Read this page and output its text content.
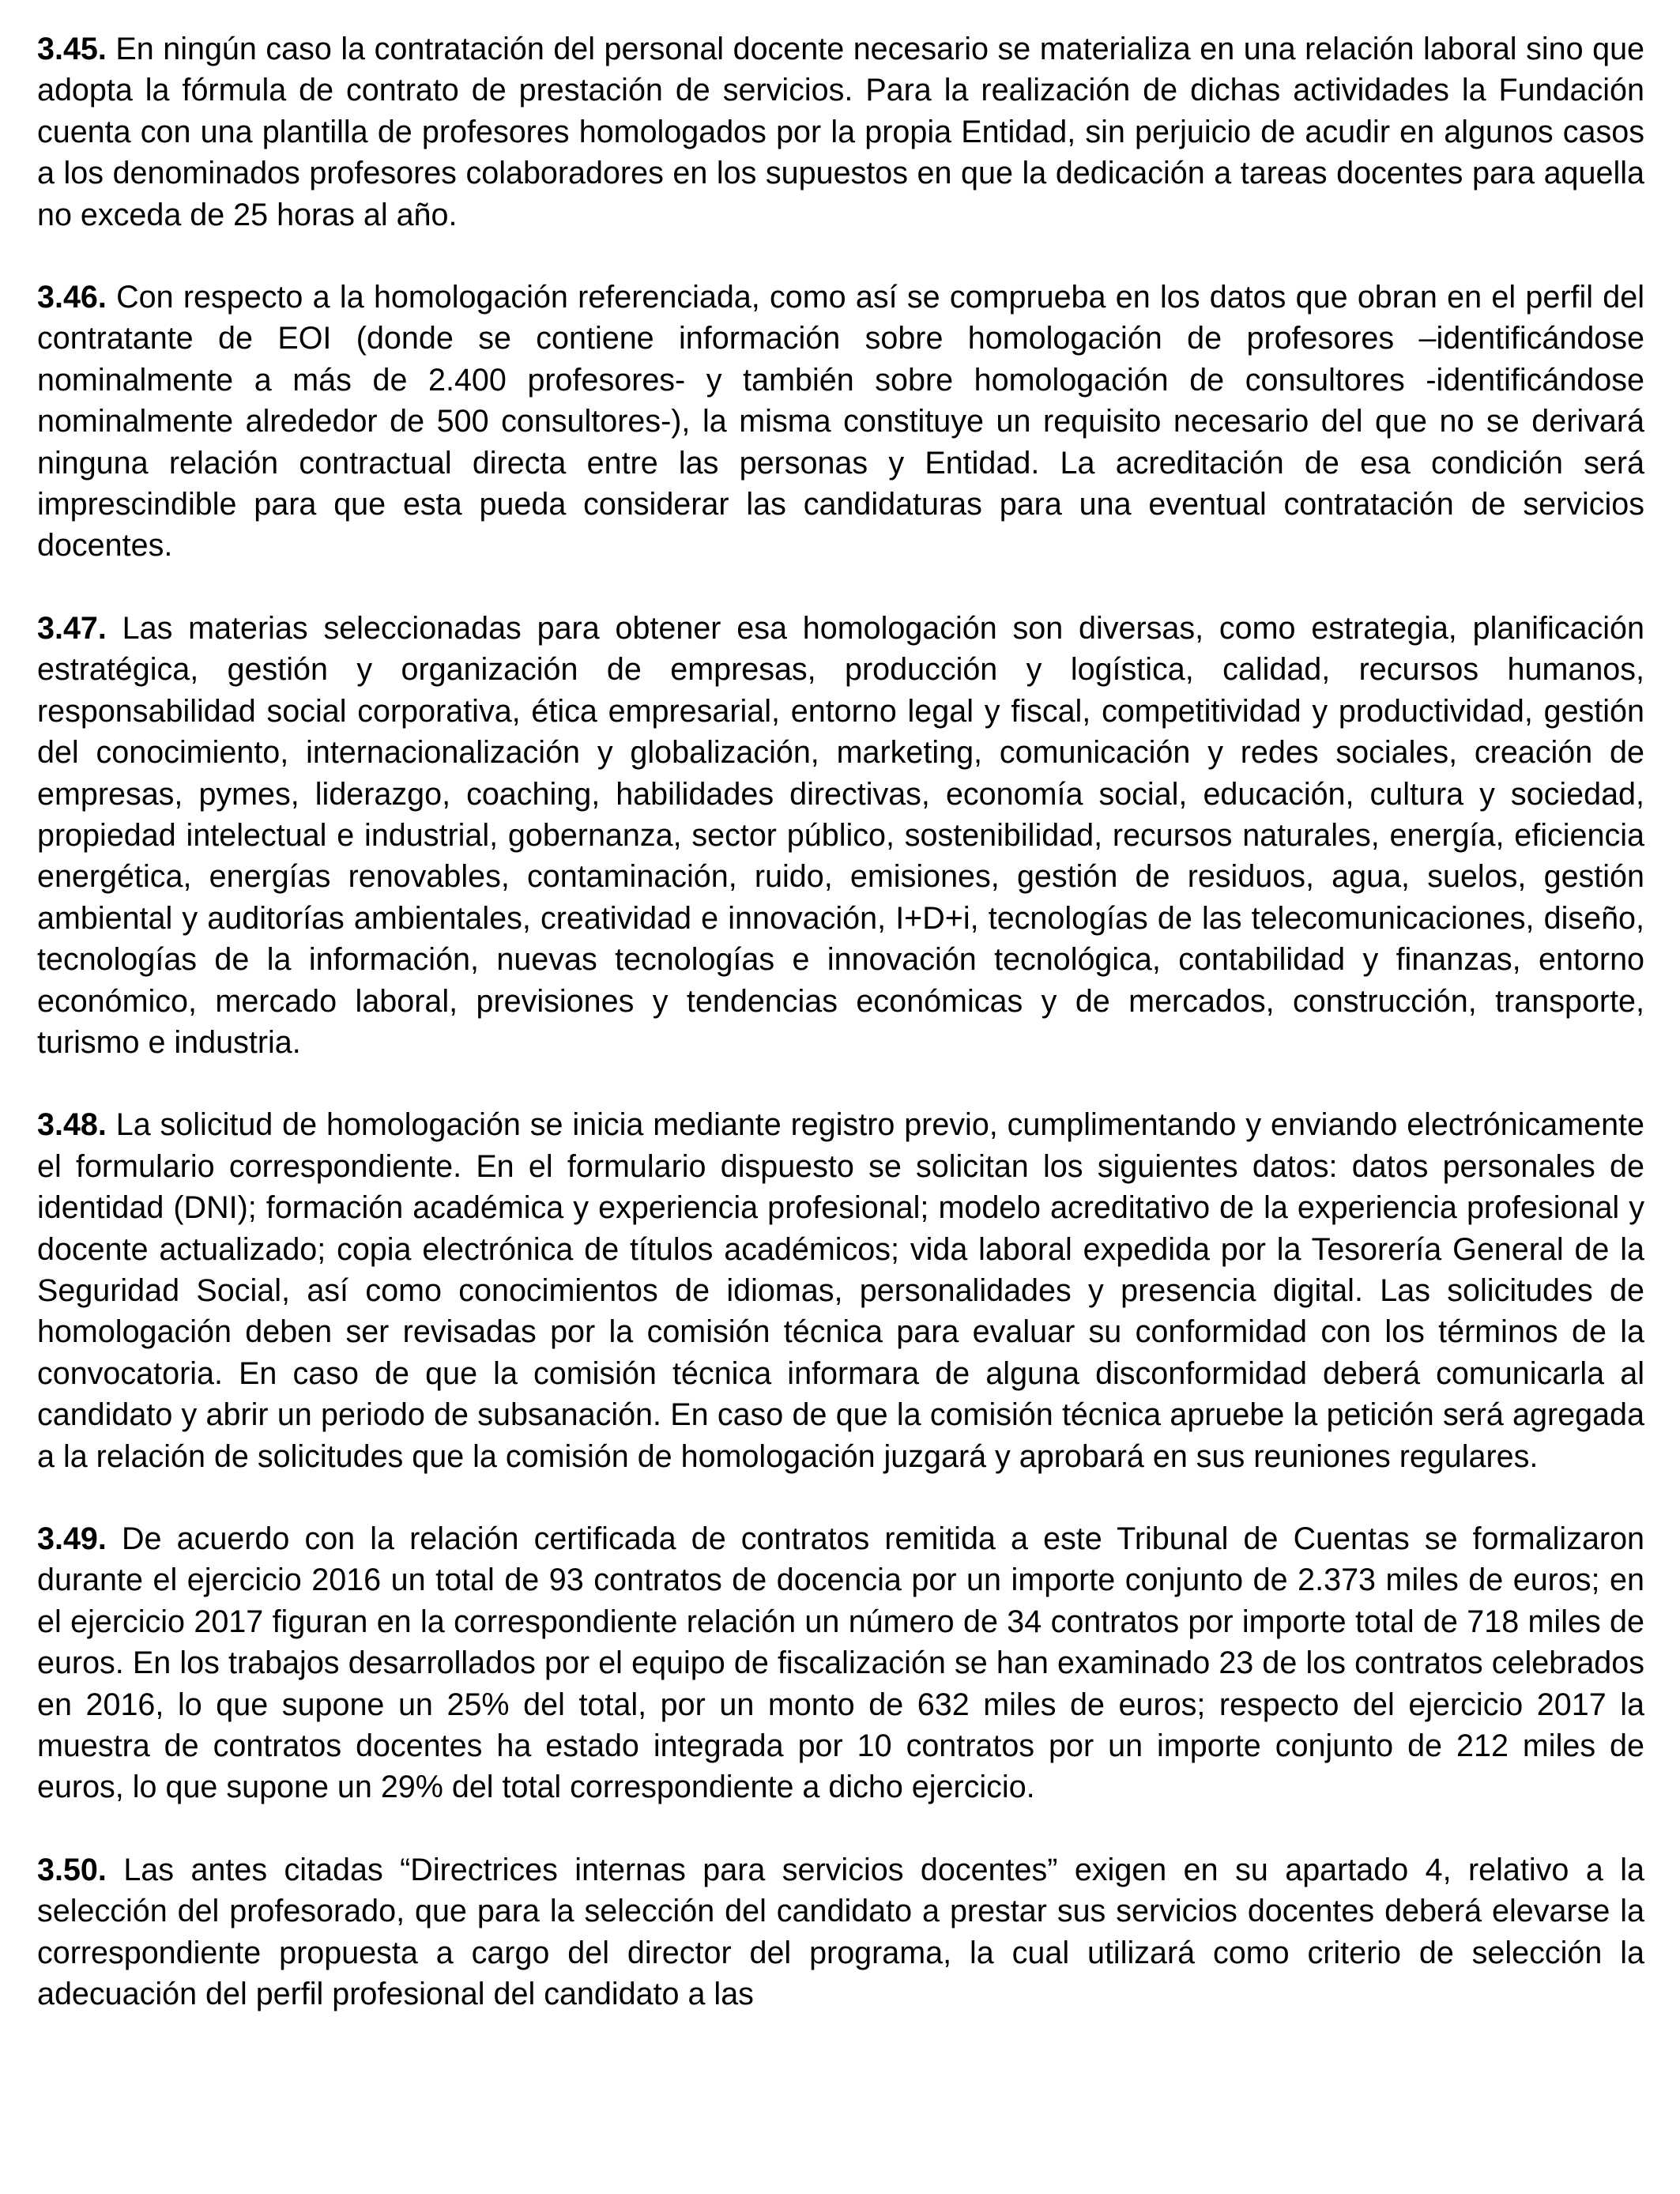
3.45. En ningún caso la contratación del personal docente necesario se materializa en una relación laboral sino que adopta la fórmula de contrato de prestación de servicios. Para la realización de dichas actividades la Fundación cuenta con una plantilla de profesores homologados por la propia Entidad, sin perjuicio de acudir en algunos casos a los denominados profesores colaboradores en los supuestos en que la dedicación a tareas docentes para aquella no exceda de 25 horas al año.

3.46. Con respecto a la homologación referenciada, como así se comprueba en los datos que obran en el perfil del contratante de EOI (donde se contiene información sobre homologación de profesores –identificándose nominalmente a más de 2.400 profesores- y también sobre homologación de consultores -identificándose nominalmente alrededor de 500 consultores-), la misma constituye un requisito necesario del que no se derivará ninguna relación contractual directa entre las personas y Entidad. La acreditación de esa condición será imprescindible para que esta pueda considerar las candidaturas para una eventual contratación de servicios docentes.

3.47. Las materias seleccionadas para obtener esa homologación son diversas, como estrategia, planificación estratégica, gestión y organización de empresas, producción y logística, calidad, recursos humanos, responsabilidad social corporativa, ética empresarial, entorno legal y fiscal, competitividad y productividad, gestión del conocimiento, internacionalización y globalización, marketing, comunicación y redes sociales, creación de empresas, pymes, liderazgo, coaching, habilidades directivas, economía social, educación, cultura y sociedad, propiedad intelectual e industrial, gobernanza, sector público, sostenibilidad, recursos naturales, energía, eficiencia energética, energías renovables, contaminación, ruido, emisiones, gestión de residuos, agua, suelos, gestión ambiental y auditorías ambientales, creatividad e innovación, I+D+i, tecnologías de las telecomunicaciones, diseño, tecnologías de la información, nuevas tecnologías e innovación tecnológica, contabilidad y finanzas, entorno económico, mercado laboral, previsiones y tendencias económicas y de mercados, construcción, transporte, turismo e industria.

3.48. La solicitud de homologación se inicia mediante registro previo, cumplimentando y enviando electrónicamente el formulario correspondiente. En el formulario dispuesto se solicitan los siguientes datos: datos personales de identidad (DNI); formación académica y experiencia profesional; modelo acreditativo de la experiencia profesional y docente actualizado; copia electrónica de títulos académicos; vida laboral expedida por la Tesorería General de la Seguridad Social, así como conocimientos de idiomas, personalidades y presencia digital. Las solicitudes de homologación deben ser revisadas por la comisión técnica para evaluar su conformidad con los términos de la convocatoria. En caso de que la comisión técnica informara de alguna disconformidad deberá comunicarla al candidato y abrir un periodo de subsanación. En caso de que la comisión técnica apruebe la petición será agregada a la relación de solicitudes que la comisión de homologación juzgará y aprobará en sus reuniones regulares.

3.49. De acuerdo con la relación certificada de contratos remitida a este Tribunal de Cuentas se formalizaron durante el ejercicio 2016 un total de 93 contratos de docencia por un importe conjunto de 2.373 miles de euros; en el ejercicio 2017 figuran en la correspondiente relación un número de 34 contratos por importe total de 718 miles de euros. En los trabajos desarrollados por el equipo de fiscalización se han examinado 23 de los contratos celebrados en 2016, lo que supone un 25% del total, por un monto de 632 miles de euros; respecto del ejercicio 2017 la muestra de contratos docentes ha estado integrada por 10 contratos por un importe conjunto de 212 miles de euros, lo que supone un 29% del total correspondiente a dicho ejercicio.

3.50. Las antes citadas “Directrices internas para servicios docentes” exigen en su apartado 4, relativo a la selección del profesorado, que para la selección del candidato a prestar sus servicios docentes deberá elevarse la correspondiente propuesta a cargo del director del programa, la cual utilizará como criterio de selección la adecuación del perfil profesional del candidato a las
